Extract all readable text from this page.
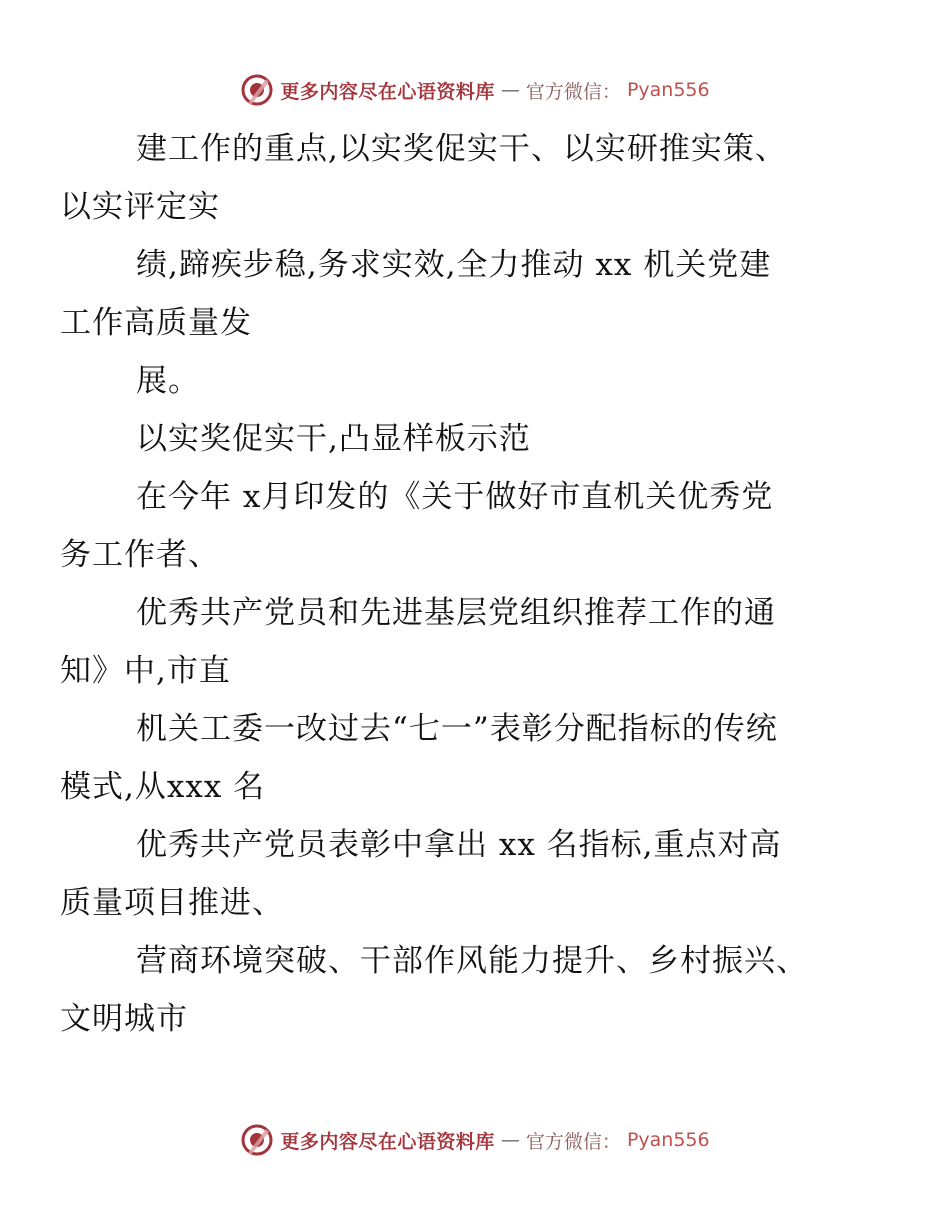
更多内容尽在心语资料库 — 官方微信： Pyan556

建工作的重点,以实奖促实干、以实研推实策、
以实评定实

绩,蹄疾步稳,务求实效,全力推动 xx 机关党建
工作高质量发

展。

以实奖促实干,凸显样板示范

在今年 x月印发的《关于做好市直机关优秀党
务工作者、

优秀共产党员和先进基层党组织推荐工作的通
知》中,市直

机关工委一改过去“七一”表彰分配指标的传统
模式,从xxx 名

优秀共产党员表彰中拿出 xx 名指标,重点对高
质量项目推进、

营商环境突破、干部作风能力提升、乡村振兴、
文明城市

更多内容尽在心语资料库 — 官方微信： Pyan556
